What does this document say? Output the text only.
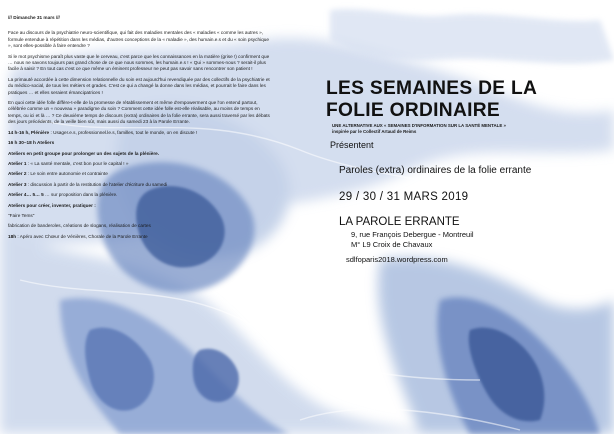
/// Dimanche 31 mars ///

Face au discours de la psychiatrie neuro-scientifique, qui fait des maladies mentales des « maladies « comme les autres », formule entendue à répétition dans les médias, d'autres conceptions de la « maladie », des humain.e.s et du « soin psychique », sont elles-possible à faire entendre ?

Si le mot psychisme paraît plus vaste que le cerveau, c'est parce que les connaissances en la matière (grise !) confirment que … nous ne savons toujours pas grand chose de ce que nous sommes, les humain.e.s ! « Qui » sommes-nous ? serait-il plus facile à saisir ? En tout cas c'est ce que même un éminent professeur ne peut pas savoir sans rencontrer son patient !

La primauté accordée à cette dimension relationnelle du soin est aujourd'hui revendiquée par des collectifs de la psychiatrie et du médico-social, de tous les métiers et grades. C'est ce qui a changé la donne dans les médias, et pourrait le faire dans les pratiques … et elles seraient émancipatrices !

En quoi cette idée folle diffère-t-elle de la promesse de rétablissement et même d'empowerment que l'on entend partout, célébrée comme un « nouveau » paradigme du soin ? Comment cette idée folle est-elle réalisable, au moins de temps en temps, ou ici et là … ? Ce deuxième temps de discours (extra) ordinaires de la folie errante, sera aussi traversé par les débats des jours précédents, de la veille bien sûr, mais aussi du samedi 23 à la Parole Errante.

14 h-16 h, Plénière : Usager.e.s, professionnel.le.s, familles, tout le monde, on en discute !

16 h 30–18 h Ateliers

Ateliers en petit groupe pour prolonger un des sujets de la plénière.

Atelier 1 : « La santé mentale, c'est bon pour le capital ! »

Atelier 2 : Le soin entre autonomie et contrainte

Atelier 3 : discussion à partir de la restitution de l'atelier d'écriture du samedi

Atelier 4… 5… 5 … sur proposition dans la plénière.

Ateliers pour créer, inventer, pratiquer :

"Faire Tems"

fabrication de banderoles, créations de slogans, réalisation de cartes

18h : Apéro avec Chœur de Vénières, Chorale de la Parole Errante

LES SEMAINES DE LA
FOLIE ORDINAIRE
UNE ALTERNATIVE AUX « SEMAINES D'INFORMATION SUR LA SANTÉ MENTALE »
inspirée par le Collectif Artaud de Reims
Présentent
Paroles (extra) ordinaires de la folie errante
29 / 30 / 31 MARS 2019
LA PAROLE ERRANTE
9, rue François Debergue - Montreuil
M° L9 Croix de Chavaux
sdlfoparis2018.wordpress.com
